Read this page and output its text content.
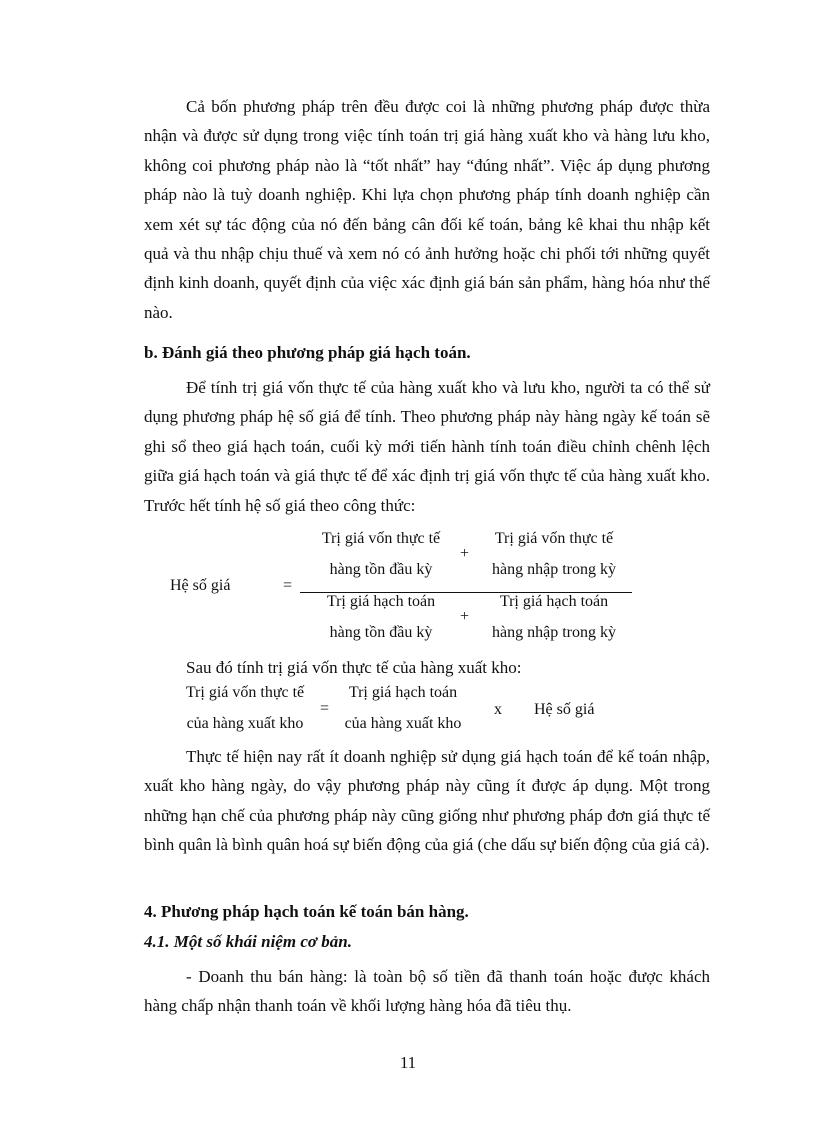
Cả bốn phương pháp trên đều được coi là những phương pháp được thừa nhận và được sử dụng trong việc tính toán trị giá hàng xuất kho và hàng lưu kho, không coi phương pháp nào là “tốt nhất” hay “đúng nhất”. Việc áp dụng phương pháp nào là tuỳ doanh nghiệp. Khi lựa chọn phương pháp tính doanh nghiệp cần xem xét sự tác động của nó đến bảng cân đối kế toán, bảng kê khai thu nhập kết quả và thu nhập chịu thuế và xem nó có ảnh hưởng hoặc chi phối tới những quyết định kinh doanh, quyết định của việc xác định giá bán sản phẩm, hàng hóa như thế nào.

b. Đánh giá theo phương pháp giá hạch toán.

Để tính trị giá vốn thực tế của hàng xuất kho và lưu kho, người ta có thể sử dụng phương pháp hệ số giá để tính. Theo phương pháp này hàng ngày kế toán sẽ ghi sổ theo giá hạch toán, cuối kỳ mới tiến hành tính toán điều chỉnh chênh lệch giữa giá hạch toán và giá thực tế để xác định trị giá vốn thực tế của hàng xuất kho. Trước hết tính hệ số giá theo công thức:

Hệ số giá	=
Trị giá vốn thực tế
hàng tồn đầu kỳ
+
Trị giá vốn thực tế
hàng nhập trong kỳ
Trị giá hạch toán
hàng tồn đầu kỳ
+
Trị giá hạch toán
hàng nhập trong kỳ

Sau đó tính trị giá vốn thực tế của hàng xuất kho:

Trị giá vốn thực tế
của hàng xuất kho
=
Trị giá hạch toán
của hàng xuất kho
x Hệ số giá

Thực tế hiện nay rất ít doanh nghiệp sử dụng giá hạch toán để kế toán nhập, xuất kho hàng ngày, do vậy phương pháp này cũng ít được áp dụng. Một trong những hạn chế của phương pháp này cũng giống như phương pháp đơn giá thực tế bình quân là bình quân hoá sự biến động của giá (che dấu sự biến động của giá cả).

4. Phương pháp hạch toán kế toán bán hàng.

4.1. Một số khái niệm cơ bản.

- Doanh thu bán hàng: là toàn bộ số tiền đã thanh toán hoặc được khách hàng chấp nhận thanh toán về khối lượng hàng hóa đã tiêu thụ.

11
